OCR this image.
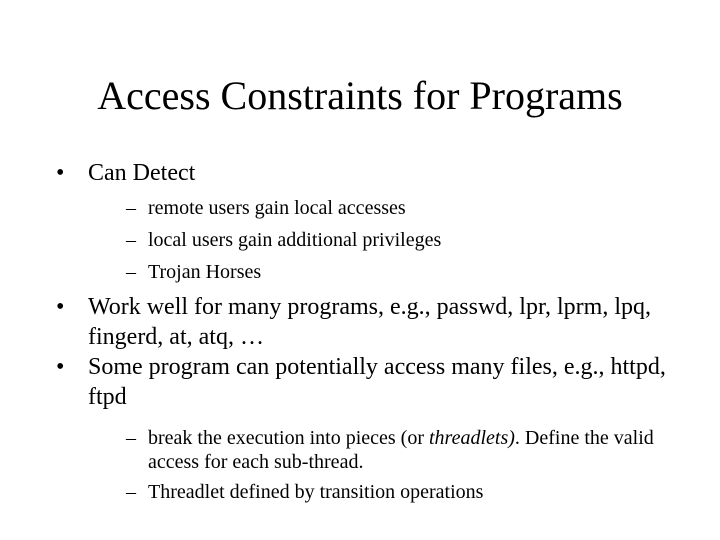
Access Constraints for Programs
• Can Detect
– remote users gain local accesses
– local users gain additional privileges
– Trojan Horses
• Work well for many programs, e.g., passwd, lpr, lprm, lpq, fingerd, at, atq, …
• Some program can potentially access many files, e.g., httpd, ftpd
– break the execution into pieces (or threadlets). Define the valid access for each sub-thread.
– Threadlet defined by transition operations
